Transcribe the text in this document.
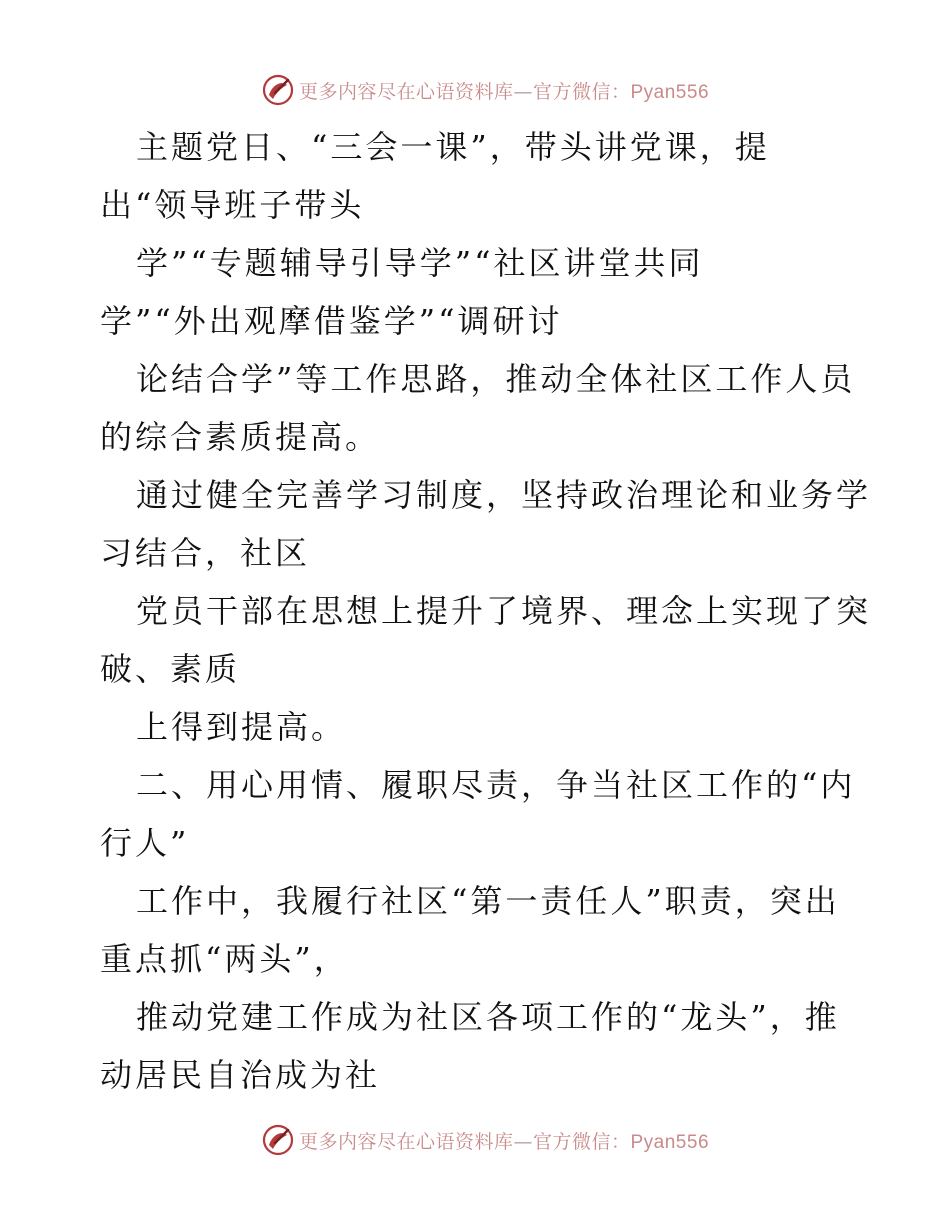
更多内容尽在心语资料库—官方微信：Pyan556
主题党日、“三会一课”，带头讲党课，提
出“领导班子带头
学”“专题辅导引导学”“社区讲堂共同
学”“外出观摩借鉴学”“调研讨
论结合学”等工作思路，推动全体社区工作人员
的综合素质提高。
通过健全完善学习制度，坚持政治理论和业务学
习结合，社区
党员干部在思想上提升了境界、理念上实现了突
破、素质
上得到提高。
二、用心用情、履职尽责，争当社区工作的“内
行人”
工作中，我履行社区“第一责任人”职责，突出
重点抓“两头”，
推动党建工作成为社区各项工作的“龙头”，推
动居民自治成为社
更多内容尽在心语资料库—官方微信：Pyan556
